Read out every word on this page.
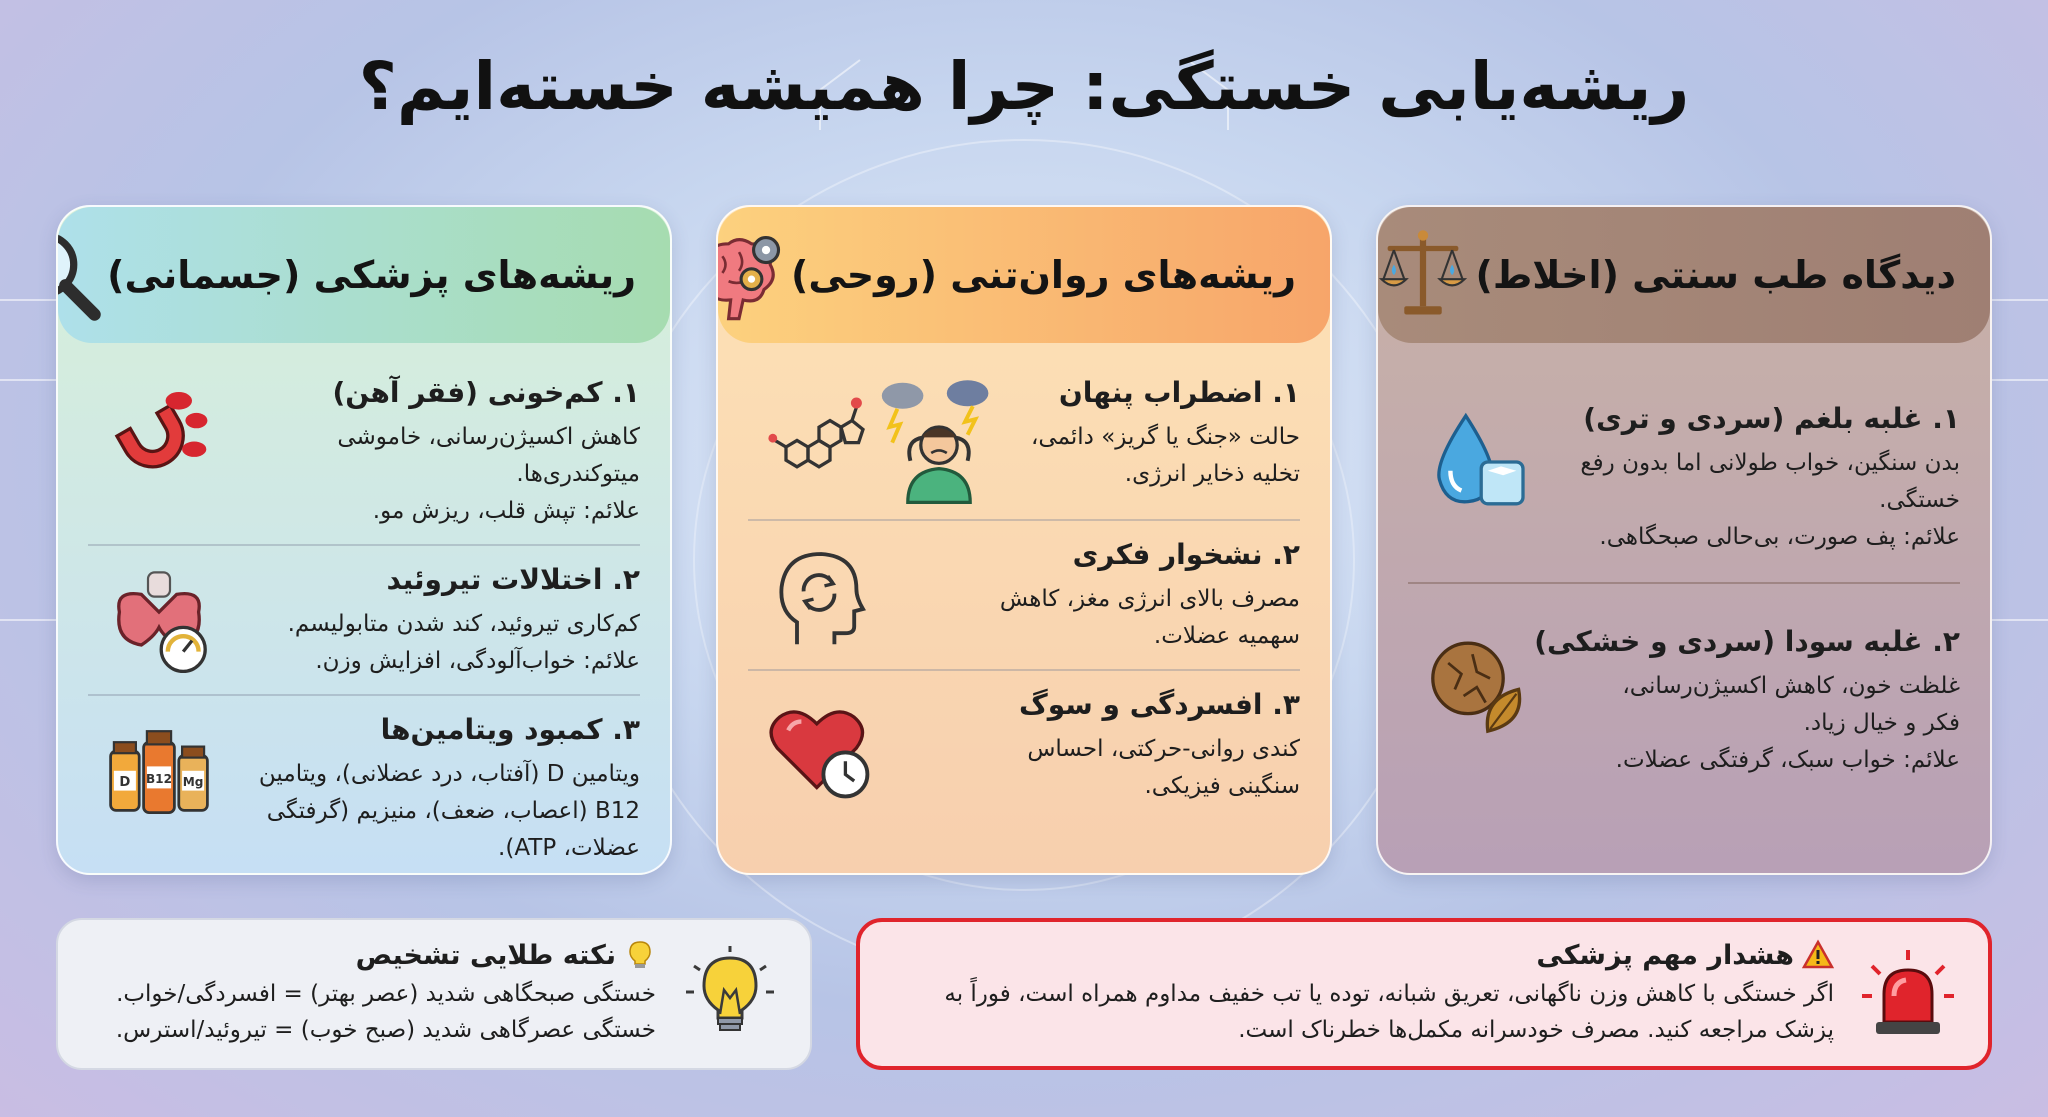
ریشه‌یابی خستگی: چرا همیشه خسته‌ایم؟
دیدگاه طب سنتی (اخلاط)
۱. غلبه بلغم (سردی و تری)
بدن سنگین، خواب طولانی اما بدون رفع
خستگی.
علائم: پف صورت، بی‌حالی صبحگاهی.
۲. غلبه سودا (سردی و خشکی)
غلظت خون، کاهش اکسیژن‌رسانی،
فکر و خیال زیاد.
علائم: خواب سبک، گرفتگی عضلات.
ریشه‌های روان‌تنی (روحی)
۱. اضطراب پنهان
حالت «جنگ یا گریز» دائمی،
تخلیه ذخایر انرژی.
۲. نشخوار فکری
مصرف بالای انرژی مغز، کاهش
سهمیه عضلات.
۳. افسردگی و سوگ
کندی روانی-حرکتی، احساس
سنگینی فیزیکی.
ریشه‌های پزشکی (جسمانی)
۱. کم‌خونی (فقر آهن)
کاهش اکسیژن‌رسانی، خاموشی میتوکندری‌ها.
علائم: تپش قلب، ریزش مو.
۲. اختلالات تیروئید
کم‌کاری تیروئید، کند شدن متابولیسم.
علائم: خواب‌آلودگی، افزایش وزن.
۳. کمبود ویتامین‌ها
ویتامین D (آفتاب، درد عضلانی)، ویتامین
B12 (اعصاب، ضعف)، منیزیم (گرفتگی
عضلات، ATP).
D B12 Mg
هشدار مهم پزشکی
اگر خستگی با کاهش وزن ناگهانی، تعریق شبانه، توده یا تب خفیف مداوم همراه است، فوراً به
پزشک مراجعه کنید. مصرف خودسرانه مکمل‌ها خطرناک است.
نکته طلایی تشخیص
خستگی صبحگاهی شدید (عصر بهتر) = افسردگی/خواب.
خستگی عصرگاهی شدید (صبح خوب) = تیروئید/استرس.
